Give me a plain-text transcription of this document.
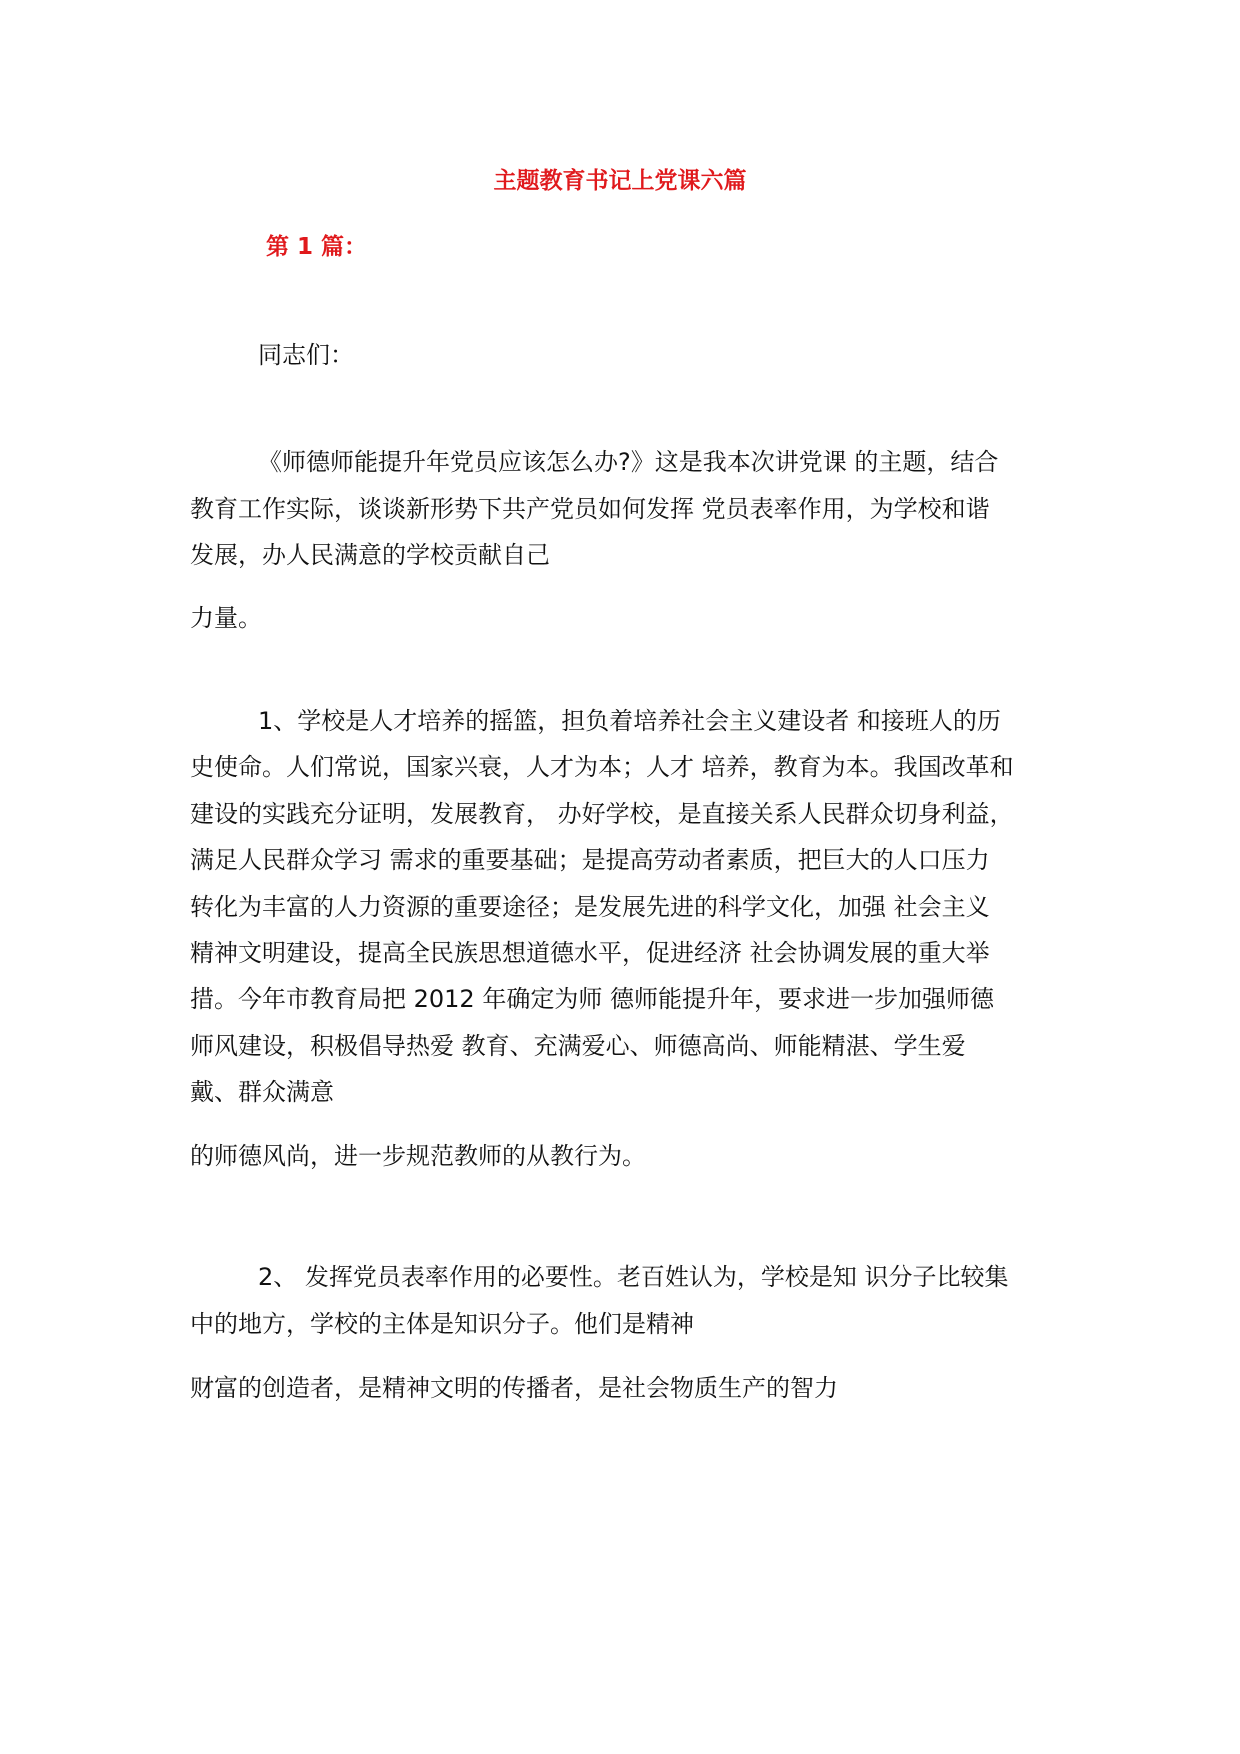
主题教育书记上党课六篇
第 1 篇：
同志们：
《师德师能提升年党员应该怎么办?》这是我本次讲党课 的主题，结合
教育工作实际，谈谈新形势下共产党员如何发挥 党员表率作用，为学校和谐
发展，办人民满意的学校贡献自己
力量。
1、学校是人才培养的摇篮，担负着培养社会主义建设者 和接班人的历
史使命。人们常说，国家兴衰，人才为本；人才 培养，教育为本。我国改革和
建设的实践充分证明，发展教育， 办好学校，是直接关系人民群众切身利益，
满足人民群众学习 需求的重要基础；是提高劳动者素质，把巨大的人口压力
转化为丰富的人力资源的重要途径；是发展先进的科学文化，加强 社会主义
精神文明建设，提高全民族思想道德水平，促进经济 社会协调发展的重大举
措。今年市教育局把 2012 年确定为师 德师能提升年，要求进一步加强师德
师风建设，积极倡导热爱 教育、充满爱心、师德高尚、师能精湛、学生爱
戴、群众满意
的师德风尚，进一步规范教师的从教行为。
2、 发挥党员表率作用的必要性。老百姓认为，学校是知 识分子比较集
中的地方，学校的主体是知识分子。他们是精神
财富的创造者，是精神文明的传播者，是社会物质生产的智力
